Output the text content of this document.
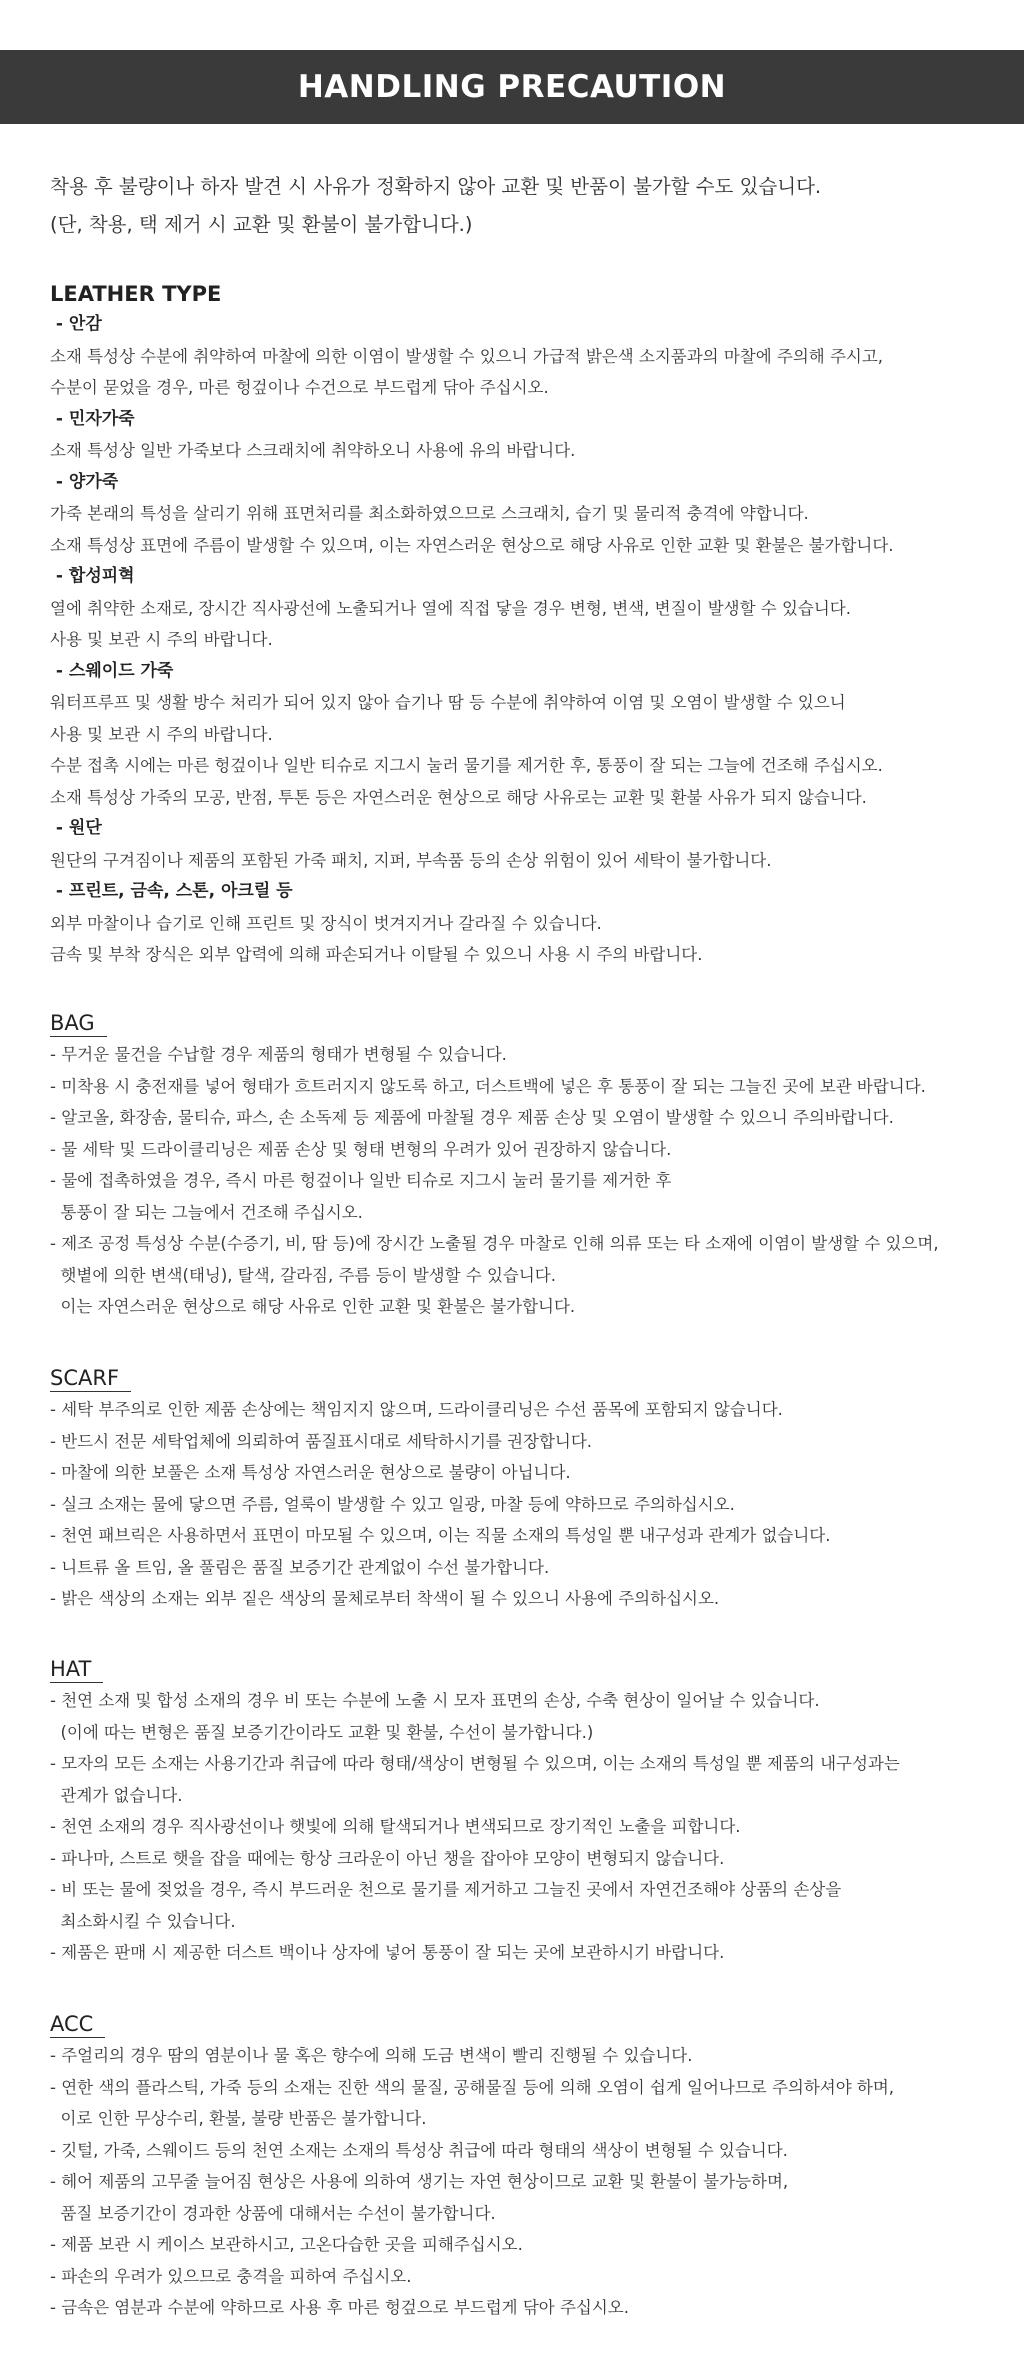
HANDLING PRECAUTION

착용 후 불량이나 하자 발견 시 사유가 정확하지 않아 교환 및 반품이 불가할 수도 있습니다.

(단, 착용, 택 제거 시 교환 및 환불이 불가합니다.)

LEATHER TYPE

- 안감

소재 특성상 수분에 취약하여 마찰에 의한 이염이 발생할 수 있으니 가급적 밝은색 소지품과의 마찰에 주의해 주시고,

수분이 묻었을 경우, 마른 헝겊이나 수건으로 부드럽게 닦아 주십시오.

- 민자가죽

소재 특성상 일반 가죽보다 스크래치에 취약하오니 사용에 유의 바랍니다.

- 양가죽

가죽 본래의 특성을 살리기 위해 표면처리를 최소화하였으므로 스크래치, 습기 및 물리적 충격에 약합니다.

소재 특성상 표면에 주름이 발생할 수 있으며, 이는 자연스러운 현상으로 해당 사유로 인한 교환 및 환불은 불가합니다.

- 합성피혁

열에 취약한 소재로, 장시간 직사광선에 노출되거나 열에 직접 닿을 경우 변형, 변색, 변질이 발생할 수 있습니다.

사용 및 보관 시 주의 바랍니다.

- 스웨이드 가죽

워터프루프 및 생활 방수 처리가 되어 있지 않아 습기나 땀 등 수분에 취약하여 이염 및 오염이 발생할 수 있으니

사용 및 보관 시 주의 바랍니다.

수분 접촉 시에는 마른 헝겊이나 일반 티슈로 지그시 눌러 물기를 제거한 후, 통풍이 잘 되는 그늘에 건조해 주십시오.

소재 특성상 가죽의 모공, 반점, 투톤 등은 자연스러운 현상으로 해당 사유로는 교환 및 환불 사유가 되지 않습니다.

- 원단

원단의 구겨짐이나 제품의 포함된 가죽 패치, 지퍼, 부속품 등의 손상 위험이 있어 세탁이 불가합니다.

- 프린트, 금속, 스톤, 아크릴 등

외부 마찰이나 습기로 인해 프린트 및 장식이 벗겨지거나 갈라질 수 있습니다.

금속 및 부착 장식은 외부 압력에 의해 파손되거나 이탈될 수 있으니 사용 시 주의 바랍니다.

BAG

- 무거운 물건을 수납할 경우 제품의 형태가 변형될 수 있습니다.

- 미착용 시 충전재를 넣어 형태가 흐트러지지 않도록 하고, 더스트백에 넣은 후 통풍이 잘 되는 그늘진 곳에 보관 바랍니다.

- 알코올, 화장솜, 물티슈, 파스, 손 소독제 등 제품에 마찰될 경우 제품 손상 및 오염이 발생할 수 있으니 주의바랍니다.

- 물 세탁 및 드라이클리닝은 제품 손상 및 형태 변형의 우려가 있어 권장하지 않습니다.

- 물에 접촉하였을 경우, 즉시 마른 헝겊이나 일반 티슈로 지그시 눌러 물기를 제거한 후

통풍이 잘 되는 그늘에서 건조해 주십시오.

- 제조 공정 특성상 수분(수증기, 비, 땀 등)에 장시간 노출될 경우 마찰로 인해 의류 또는 타 소재에 이염이 발생할 수 있으며,

햇볕에 의한 변색(태닝), 탈색, 갈라짐, 주름 등이 발생할 수 있습니다.

이는 자연스러운 현상으로 해당 사유로 인한 교환 및 환불은 불가합니다.

SCARF

- 세탁 부주의로 인한 제품 손상에는 책임지지 않으며, 드라이클리닝은 수선 품목에 포함되지 않습니다.

- 반드시 전문 세탁업체에 의뢰하여 품질표시대로 세탁하시기를 권장합니다.

- 마찰에 의한 보풀은 소재 특성상 자연스러운 현상으로 불량이 아닙니다.

- 실크 소재는 물에 닿으면 주름, 얼룩이 발생할 수 있고 일광, 마찰 등에 약하므로 주의하십시오.

- 천연 패브릭은 사용하면서 표면이 마모될 수 있으며, 이는 직물 소재의 특성일 뿐 내구성과 관계가 없습니다.

- 니트류 올 트임, 올 풀림은 품질 보증기간 관계없이 수선 불가합니다.

- 밝은 색상의 소재는 외부 짙은 색상의 물체로부터 착색이 될 수 있으니 사용에 주의하십시오.

HAT

- 천연 소재 및 합성 소재의 경우 비 또는 수분에 노출 시 모자 표면의 손상, 수축 현상이 일어날 수 있습니다.

(이에 따는 변형은 품질 보증기간이라도 교환 및 환불, 수선이 불가합니다.)

- 모자의 모든 소재는 사용기간과 취급에 따라 형태/색상이 변형될 수 있으며, 이는 소재의 특성일 뿐 제품의 내구성과는

관계가 없습니다.

- 천연 소재의 경우 직사광선이나 햇빛에 의해 탈색되거나 변색되므로 장기적인 노출을 피합니다.

- 파나마, 스트로 햇을 잡을 때에는 항상 크라운이 아닌 챙을 잡아야 모양이 변형되지 않습니다.

- 비 또는 물에 젖었을 경우, 즉시 부드러운 천으로 물기를 제거하고 그늘진 곳에서 자연건조해야 상품의 손상을

최소화시킬 수 있습니다.

- 제품은 판매 시 제공한 더스트 백이나 상자에 넣어 통풍이 잘 되는 곳에 보관하시기 바랍니다.

ACC

- 주얼리의 경우 땀의 염분이나 물 혹은 향수에 의해 도금 변색이 빨리 진행될 수 있습니다.

- 연한 색의 플라스틱, 가죽 등의 소재는 진한 색의 물질, 공해물질 등에 의해 오염이 쉽게 일어나므로 주의하셔야 하며,

이로 인한 무상수리, 환불, 불량 반품은 불가합니다.

- 깃털, 가죽, 스웨이드 등의 천연 소재는 소재의 특성상 취급에 따라 형태의 색상이 변형될 수 있습니다.

- 헤어 제품의 고무줄 늘어짐 현상은 사용에 의하여 생기는 자연 현상이므로 교환 및 환불이 불가능하며,

품질 보증기간이 경과한 상품에 대해서는 수선이 불가합니다.

- 제품 보관 시 케이스 보관하시고, 고온다습한 곳을 피해주십시오.

- 파손의 우려가 있으므로 충격을 피하여 주십시오.

- 금속은 염분과 수분에 약하므로 사용 후 마른 헝겊으로 부드럽게 닦아 주십시오.
